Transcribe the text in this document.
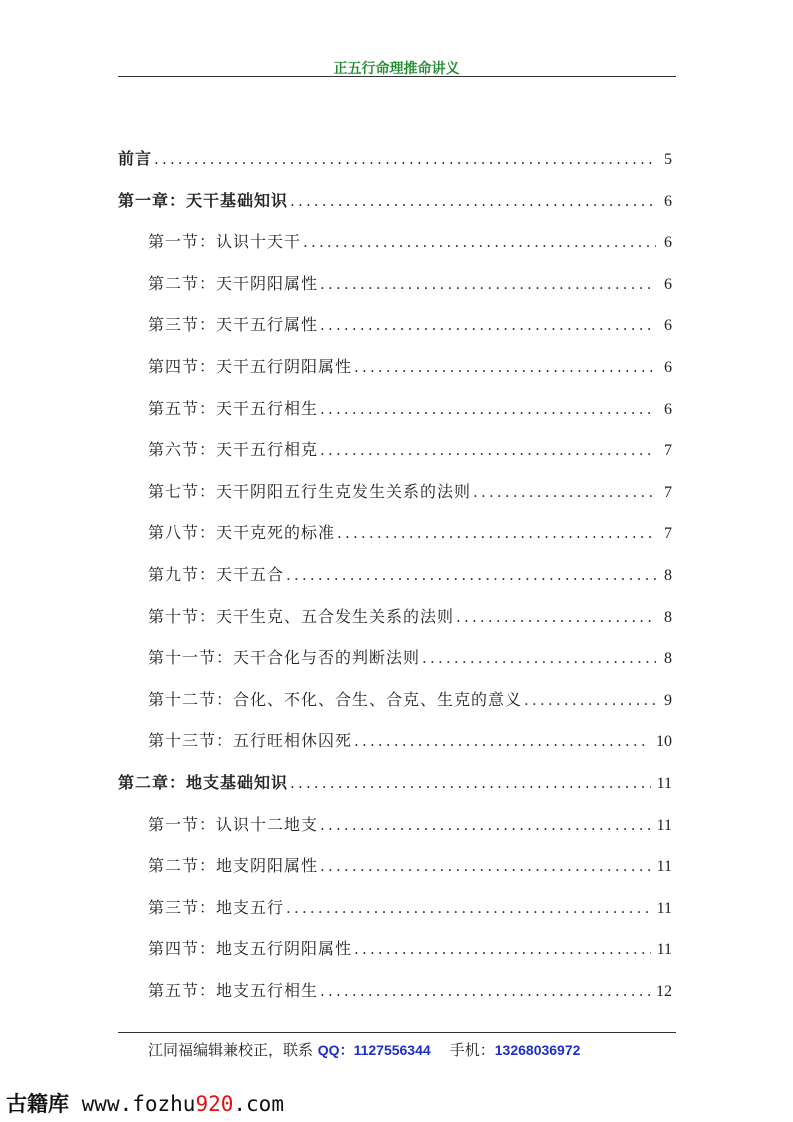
正五行命理推命讲义
前言 .....	5
第一章：天干基础知识 .....	6
第一节：认识十天干 .....	6
第二节：天干阴阳属性 .....	6
第三节：天干五行属性 .....	6
第四节：天干五行阴阳属性 .....	6
第五节：天干五行相生 .....	6
第六节：天干五行相克 .....	7
第七节：天干阴阳五行生克发生关系的法则 .....	7
第八节：天干克死的标准 .....	7
第九节：天干五合 .....	8
第十节：天干生克、五合发生关系的法则 .....	8
第十一节：天干合化与否的判断法则 .....	8
第十二节：合化、不化、合生、合克、生克的意义 .....	9
第十三节：五行旺相休囚死 .....	10
第二章：地支基础知识 .....	11
第一节：认识十二地支 .....	11
第二节：地支阴阳属性 .....	11
第三节：地支五行 .....	11
第四节：地支五行阴阳属性 .....	11
第五节：地支五行相生 .....	12
江同福编辑兼校正，联系 QQ：1127556344 手机：13268036972
古籍库 www.fozhu920.com
